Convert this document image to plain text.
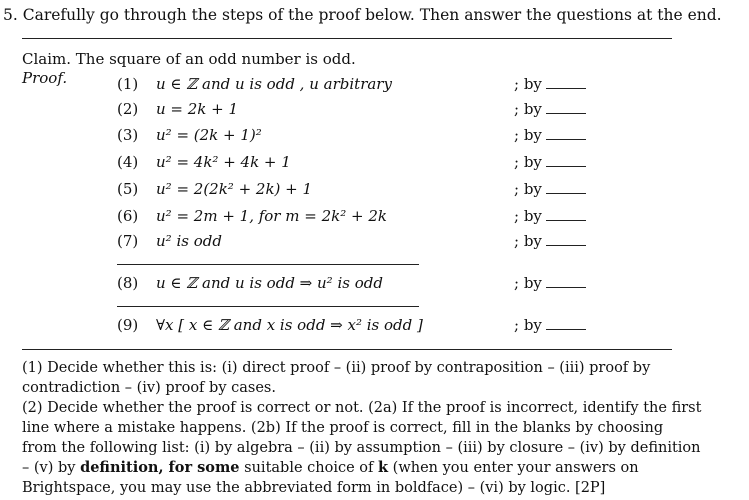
5. Carefully go through the steps of the proof below. Then answer the questions at the end.
Claim. The square of an odd number is odd.
Proof.	(1) u ∈ ℤ and u is odd , u arbitrary	; by
(2) u = 2k + 1	; by
(3) u² = (2k + 1)²	; by
(4) u² = 4k² + 4k + 1	; by
(5) u² = 2(2k² + 2k) + 1	; by
(6) u² = 2m + 1, for m = 2k² + 2k	; by
(7) u² is odd	; by
(8) u ∈ ℤ and u is odd ⇒ u² is odd	; by
(9) ∀x [ x ∈ ℤ and x is odd ⇒ x² is odd ]	; by
(1) Decide whether this is: (i) direct proof – (ii) proof by contraposition – (iii) proof by contradiction – (iv) proof by cases.
(2) Decide whether the proof is correct or not. (2a) If the proof is incorrect, identify the first line where a mistake happens. (2b) If the proof is correct, fill in the blanks by choosing from the following list: (i) by algebra – (ii) by assumption – (iii) by closure – (iv) by definition – (v) by definition, for some suitable choice of k (when you enter your answers on Brightspace, you may use the abbreviated form in boldface) – (vi) by logic. [2P]
